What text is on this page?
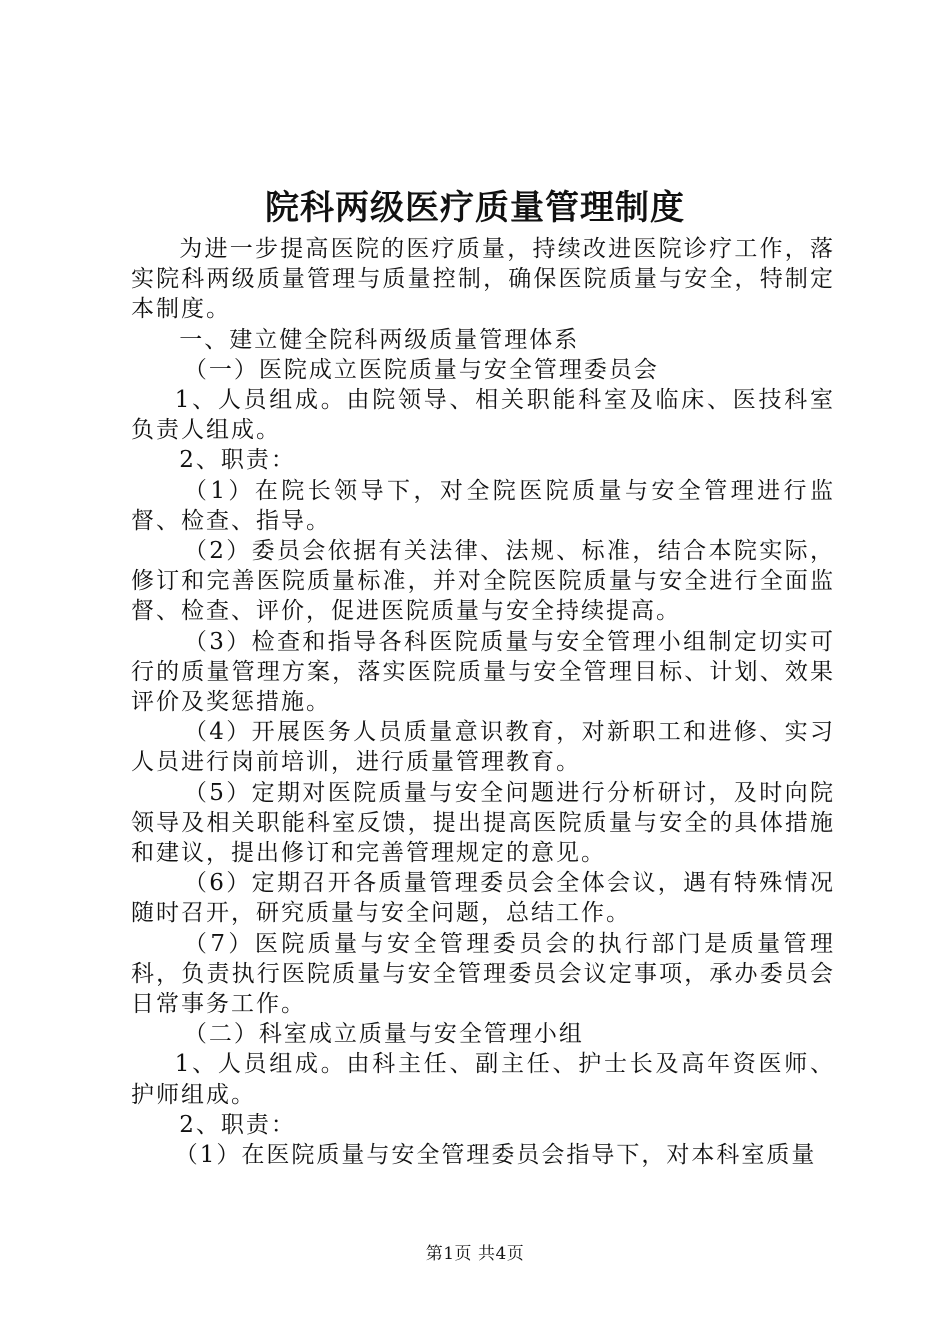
院科两级医疗质量管理制度

为进一步提高医院的医疗质量，持续改进医院诊疗工作，落实院科两级质量管理与质量控制，确保医院质量与安全，特制定本制度。

一、建立健全院科两级质量管理体系

（一）医院成立医院质量与安全管理委员会

1、人员组成。由院领导、相关职能科室及临床、医技科室负责人组成。

2、职责：

（1）在院长领导下，对全院医院质量与安全管理进行监督、检查、指导。

（2）委员会依据有关法律、法规、标准，结合本院实际，修订和完善医院质量标准，并对全院医院质量与安全进行全面监督、检查、评价，促进医院质量与安全持续提高。

（3）检查和指导各科医院质量与安全管理小组制定切实可行的质量管理方案，落实医院质量与安全管理目标、计划、效果评价及奖惩措施。

（4）开展医务人员质量意识教育，对新职工和进修、实习人员进行岗前培训，进行质量管理教育。

（5）定期对医院质量与安全问题进行分析研讨，及时向院领导及相关职能科室反馈，提出提高医院质量与安全的具体措施和建议，提出修订和完善管理规定的意见。

（6）定期召开各质量管理委员会全体会议，遇有特殊情况随时召开，研究质量与安全问题，总结工作。

（7）医院质量与安全管理委员会的执行部门是质量管理科，负责执行医院质量与安全管理委员会议定事项，承办委员会日常事务工作。

（二）科室成立质量与安全管理小组

1、人员组成。由科主任、副主任、护士长及高年资医师、护师组成。

2、职责：

（1）在医院质量与安全管理委员会指导下，对本科室质量

第1页 共4页
